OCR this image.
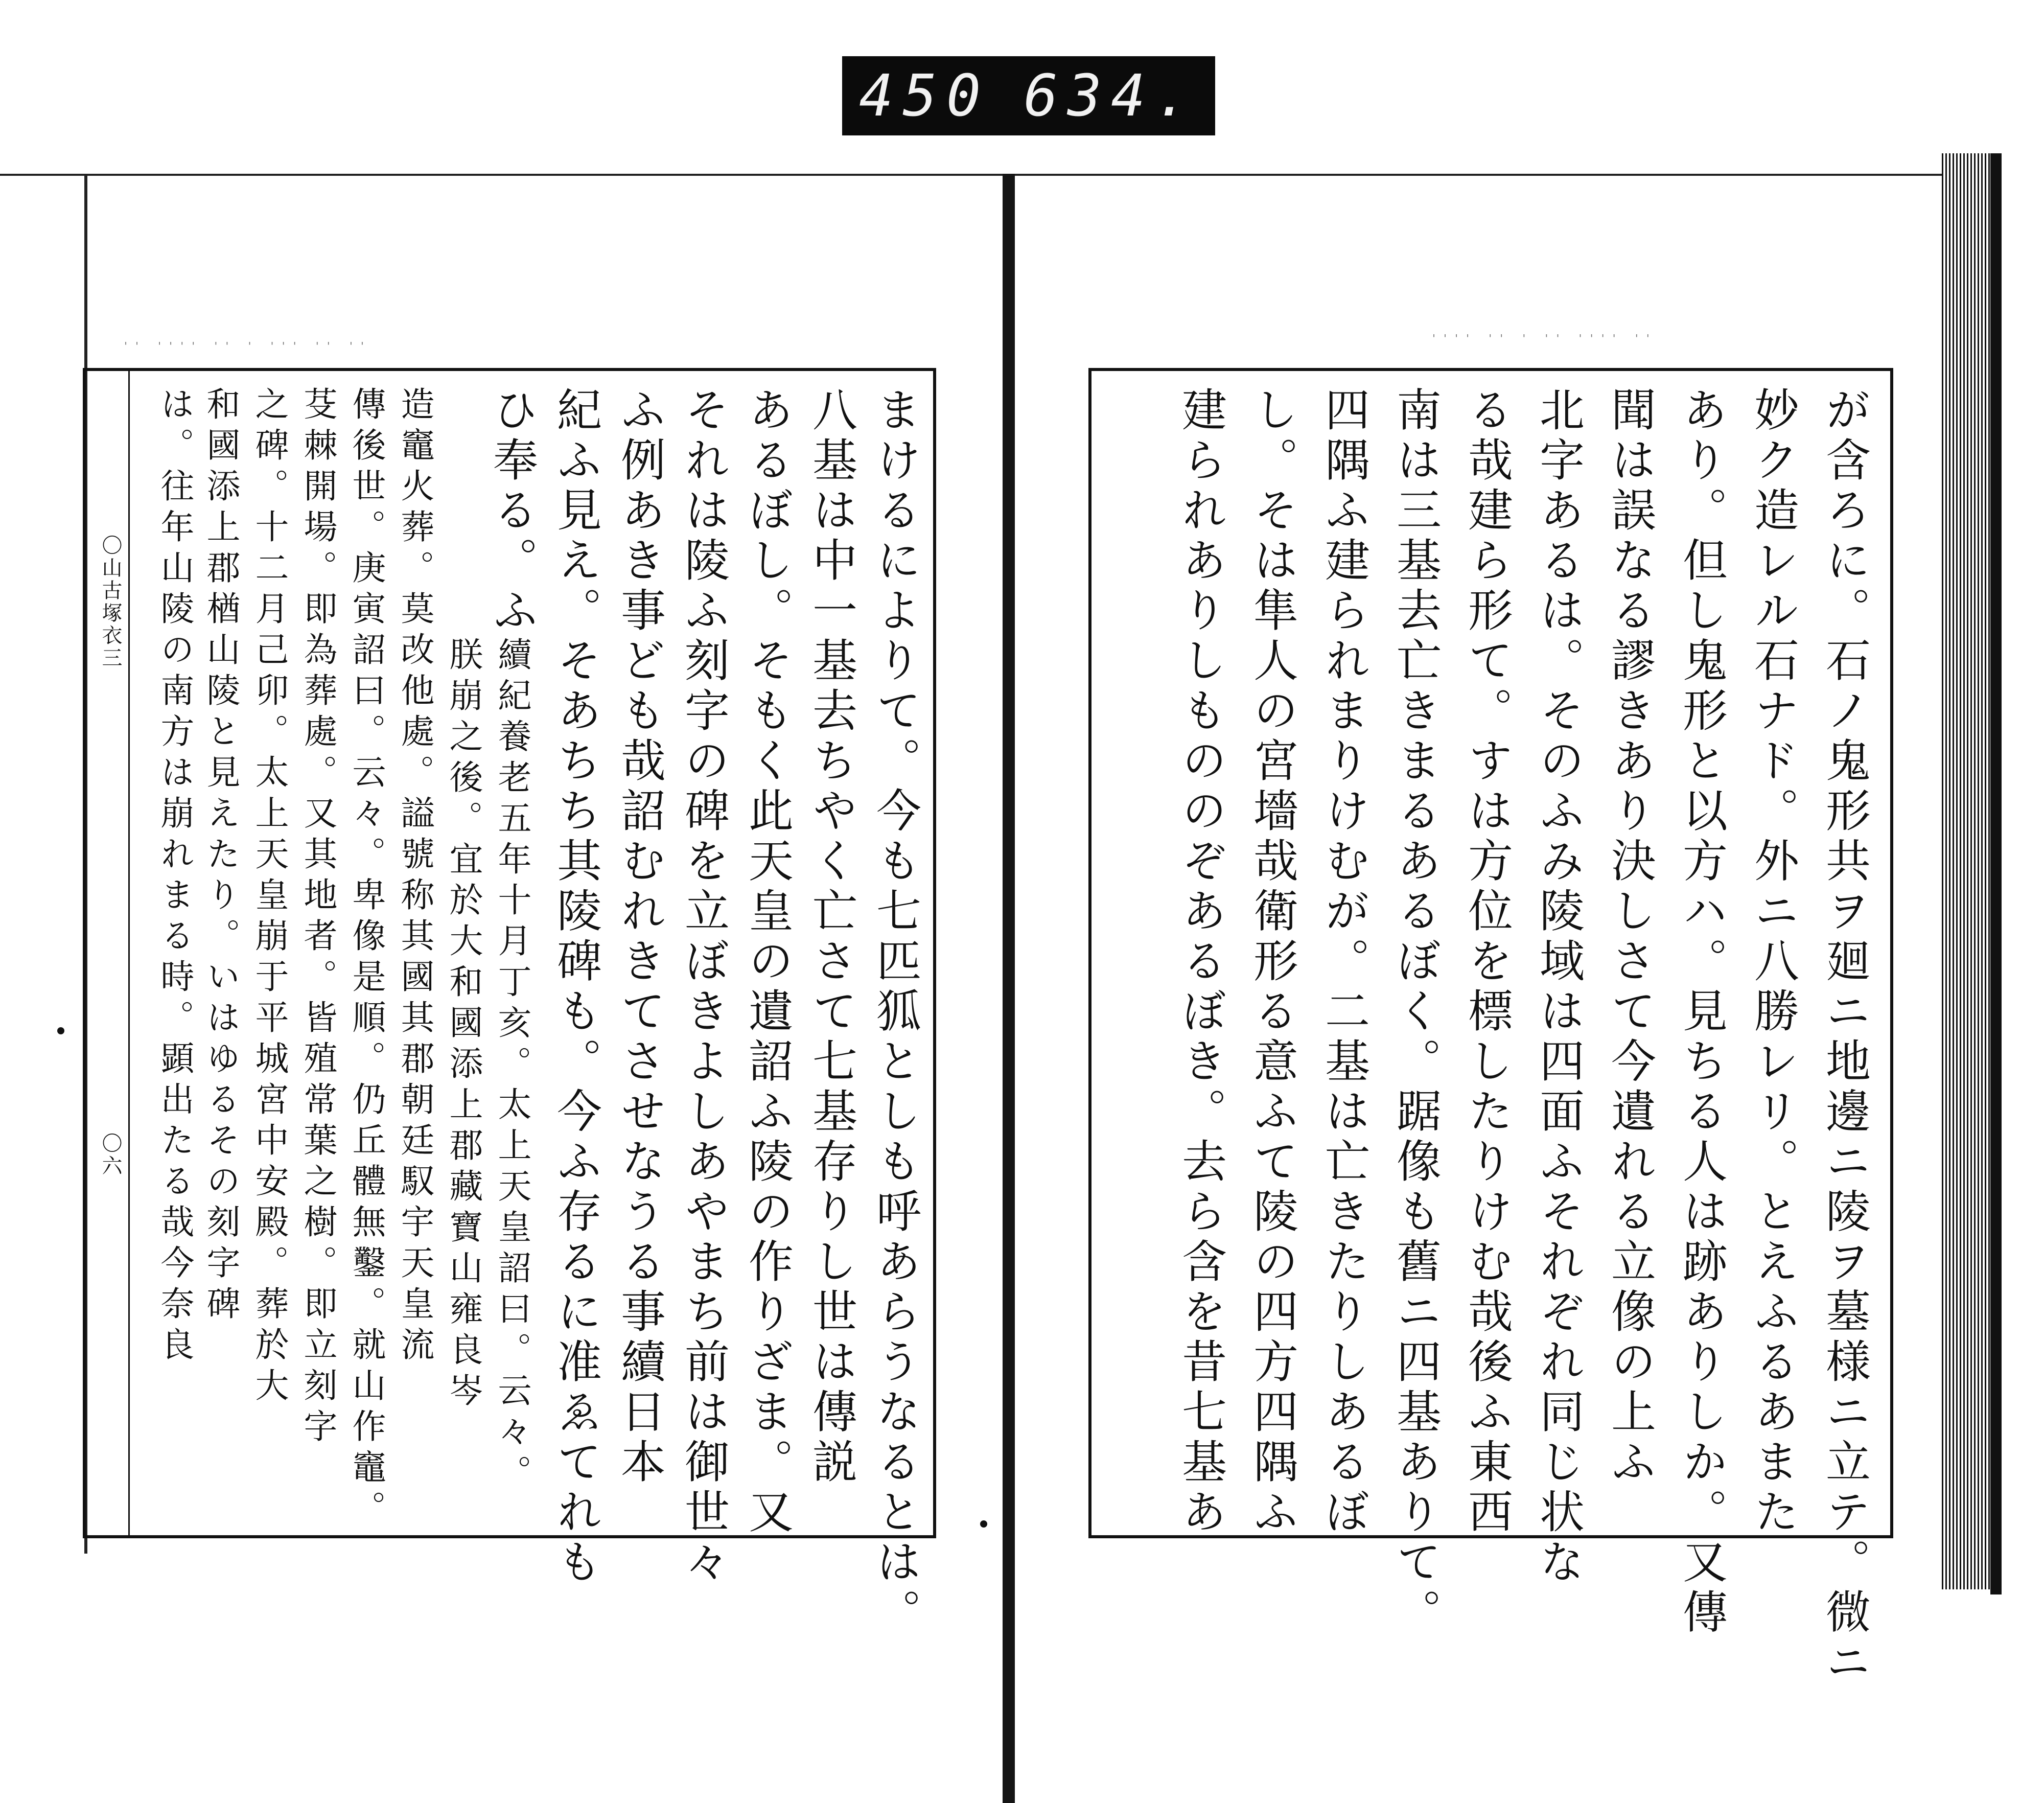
450 634.
'' '''' '' ' ''' '' ''
'''' '' ' '' '''' ''
〇山古塚衣三
〇六	まけるによりて。今も七匹狐としも呼あらうなるとは。
八基は中一基去ちやく亡さて七基存りし世は傳説
あるぼし。そもく此天皇の遺詔ふ陵の作りざま。又
それは陵ふ刻字の碑を立ぼきよしあやまち前は御世々
ふ例あき事ども哉詔むれきてさせなうる事續日本
紀ふ見え。そあちち其陵碑も。今ふ存るに准ゑてれも
ひ奉る。ふ
續紀養老五年十月丁亥。太上天皇詔曰。云々。
朕崩之後。宜於大和國添上郡藏寶山雍良岑
造竈火葬。莫改他處。謚號称其國其郡朝廷馭宇天皇流
傳後世。庚寅詔曰。云々。卑像是順。仍丘體無鑿。就山作竈。
芟棘開場。即為葬處。又其地者。皆殖常葉之樹。即立刻字
之碑。十二月己卯。太上天皇崩于平城宮中安殿。葬於大
和國添上郡楢山陵と見えたり。いはゆるその刻字碑
は。往年山陵の南方は崩れまる時。顕出たる哉今奈良	が含ろに。石ノ鬼形共ヲ廻ニ地邊ニ陵ヲ墓様ニ立テ。微ニ
妙ク造レル石ナド。外ニ八勝レリ。とえふるあまた
あり。但し鬼形と以方ハ。見ちる人は跡ありしか。又傳
聞は誤なる謬きあり決しさて今遺れる立像の上ふ
北字あるは。そのふみ陵域は四面ふそれぞれ同じ状な
る哉建ら形て。すは方位を標したりけむ哉後ふ東西
南は三基去亡きまるあるぼく。踞像も舊ニ四基ありて。
四隅ふ建られまりけむが。二基は亡きたりしあるぼ
し。そは隼人の宮墻哉衛形る意ふて陵の四方四隅ふ
建られありしもののぞあるぼき。去ら含を昔七基あ
